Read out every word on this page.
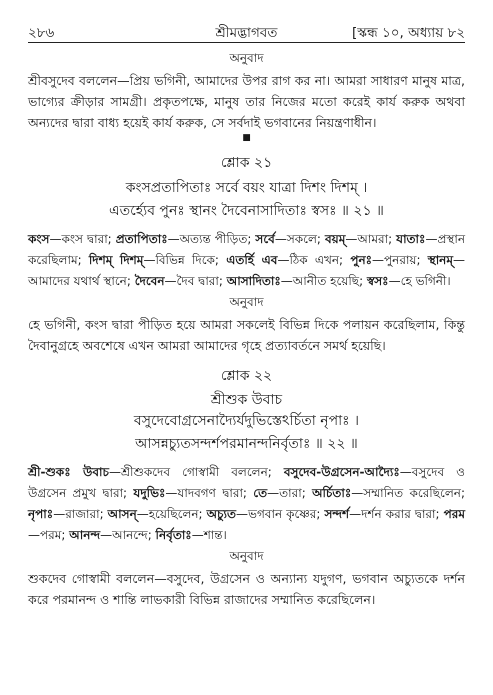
২৮৬	শ্রীমদ্ভাগবত	[স্কন্ধ ১০, অধ্যায় ৮২
অনুবাদ

শ্রীবসুদেব বললেন—প্রিয় ভগিনী, আমাদের উপর রাগ কর না। আমরা সাধারণ মানুষ মাত্র, ভাগ্যের ক্রীড়ার সামগ্রী। প্রকৃতপক্ষে, মানুষ তার নিজের মতো করেই কার্য করুক অথবা অন্যদের দ্বারা বাধ্য হয়েই কার্য করুক, সে সর্বদাই ভগবানের নিয়ন্ত্রণাধীন।

■
শ্লোক ২১
কংসপ্রতাপিতাঃ সর্বে বয়ং যাত্রা দিশং দিশম্‌ ।
এতর্হ্যেব পুনঃ স্থানং দৈবেনাসাদিতাঃ স্বসঃ ॥ ২১ ॥

কংস—কংস দ্বারা; প্রতাপিতাঃ—অত্যন্ত পীড়িত; সর্বে—সকলে; বয়ম্‌—আমরা; যাতাঃ—প্রস্থান করেছিলাম; দিশম্ দিশম্—বিভিন্ন দিকে; এতর্হি এব—ঠিক এখন; পুনঃ—পুনরায়; স্থানম্—আমাদের যথার্থ স্থানে; দৈবেন—দৈব দ্বারা; আসাদিতাঃ—আনীত হয়েছি; স্বসঃ—হে ভগিনী।

অনুবাদ

হে ভগিনী, কংস দ্বারা পীড়িত হয়ে আমরা সকলেই বিভিন্ন দিকে পলায়ন করেছিলাম, কিন্তু দৈবানুগ্রহে অবশেষে এখন আমরা আমাদের গৃহে প্রত্যাবর্তনে সমর্থ হয়েছি।

শ্লোক ২২
শ্রীশুক উবাচ
বসুদেবোগ্রসেনাদ্যৈর্যদুভিস্তেঽর্চিতা নৃপাঃ ।
আসন্নচ্যুতসন্দর্শপরমানন্দনির্বৃতাঃ ॥ ২২ ॥

শ্রী-শুকঃ উবাচ—শ্রীশুকদেব গোস্বামী বললেন; বসুদেব-উগ্রসেন-আদ্যৈঃ—বসুদেব ও উগ্রসেন প্রমুখ দ্বারা; যদুভিঃ—যাদবগণ দ্বারা; তে—তারা; অর্চিতাঃ—সম্মানিত করেছিলেন; নৃপাঃ—রাজারা; আসন্—হয়েছিলেন; অচ্যুত—ভগবান কৃষ্ণের; সন্দর্শ—দর্শন করার দ্বারা; পরম—পরম; আনন্দ—আনন্দে; নির্বৃতাঃ—শান্ত।

অনুবাদ

শুকদেব গোস্বামী বললেন—বসুদেব, উগ্রসেন ও অন্যান্য যদুগণ, ভগবান অচ্যুতকে দর্শন করে পরমানন্দ ও শান্তি লাভকারী বিভিন্ন রাজাদের সম্মানিত করেছিলেন।
